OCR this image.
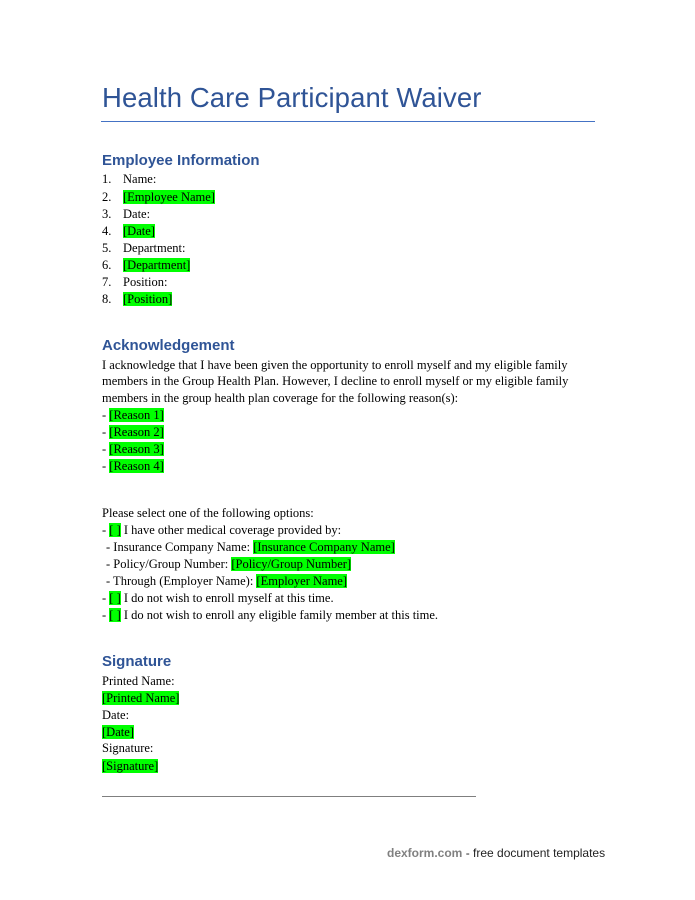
Health Care Participant Waiver
Employee Information
1. Name:
2. [Employee Name]
3. Date:
4. [Date]
5. Department:
6. [Department]
7. Position:
8. [Position]
Acknowledgement
I acknowledge that I have been given the opportunity to enroll myself and my eligible family members in the Group Health Plan. However, I decline to enroll myself or my eligible family members in the group health plan coverage for the following reason(s):
- [Reason 1]
- [Reason 2]
- [Reason 3]
- [Reason 4]
Please select one of the following options:
- [ ] I have other medical coverage provided by:
- Insurance Company Name: [Insurance Company Name]
- Policy/Group Number: [Policy/Group Number]
- Through (Employer Name): [Employer Name]
- [ ] I do not wish to enroll myself at this time.
- [ ] I do not wish to enroll any eligible family member at this time.
Signature
Printed Name:
[Printed Name]
Date:
[Date]
Signature:
[Signature]
dexform.com - free document templates
